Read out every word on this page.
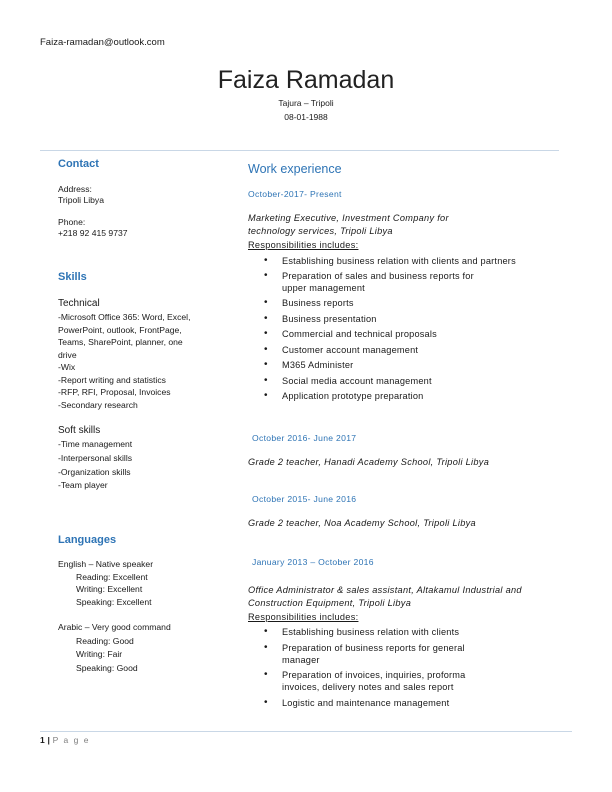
Faiza-ramadan@outlook.com
Faiza Ramadan
Tajura – Tripoli
08-01-1988
Contact
Address:
Tripoli Libya
Phone:
+218 92 415 9737
Skills
Technical
-Microsoft Office 365: Word, Excel,
PowerPoint, outlook, FrontPage,
Teams, SharePoint, planner, one
drive
-Wix
-Report writing and statistics
-RFP, RFI, Proposal, Invoices
-Secondary research
Soft skills
-Time management
-Interpersonal skills
-Organization skills
-Team player
Languages
English – Native speaker
Reading: Excellent
Writing: Excellent
Speaking: Excellent
Arabic – Very good command
Reading: Good
Writing: Fair
Speaking: Good
Work experience
October-2017- Present
Marketing Executive, Investment Company for technology services, Tripoli Libya
Responsibilities includes:
• Establishing business relation with clients and partners
• Preparation of sales and business reports for upper management
• Business reports
• Business presentation
• Commercial and technical proposals
• Customer account management
• M365 Administer
• Social media account management
• Application prototype preparation
October 2016- June 2017
Grade 2 teacher, Hanadi Academy School, Tripoli Libya
October 2015- June 2016
Grade 2 teacher, Noa Academy School, Tripoli Libya
January 2013 – October 2016
Office Administrator & sales assistant, Altakamul Industrial and Construction Equipment, Tripoli Libya
Responsibilities includes:
• Establishing business relation with clients
• Preparation of business reports for general manager
• Preparation of invoices, inquiries, proforma invoices, delivery notes and sales report
• Logistic and maintenance management
1 | P a g e
